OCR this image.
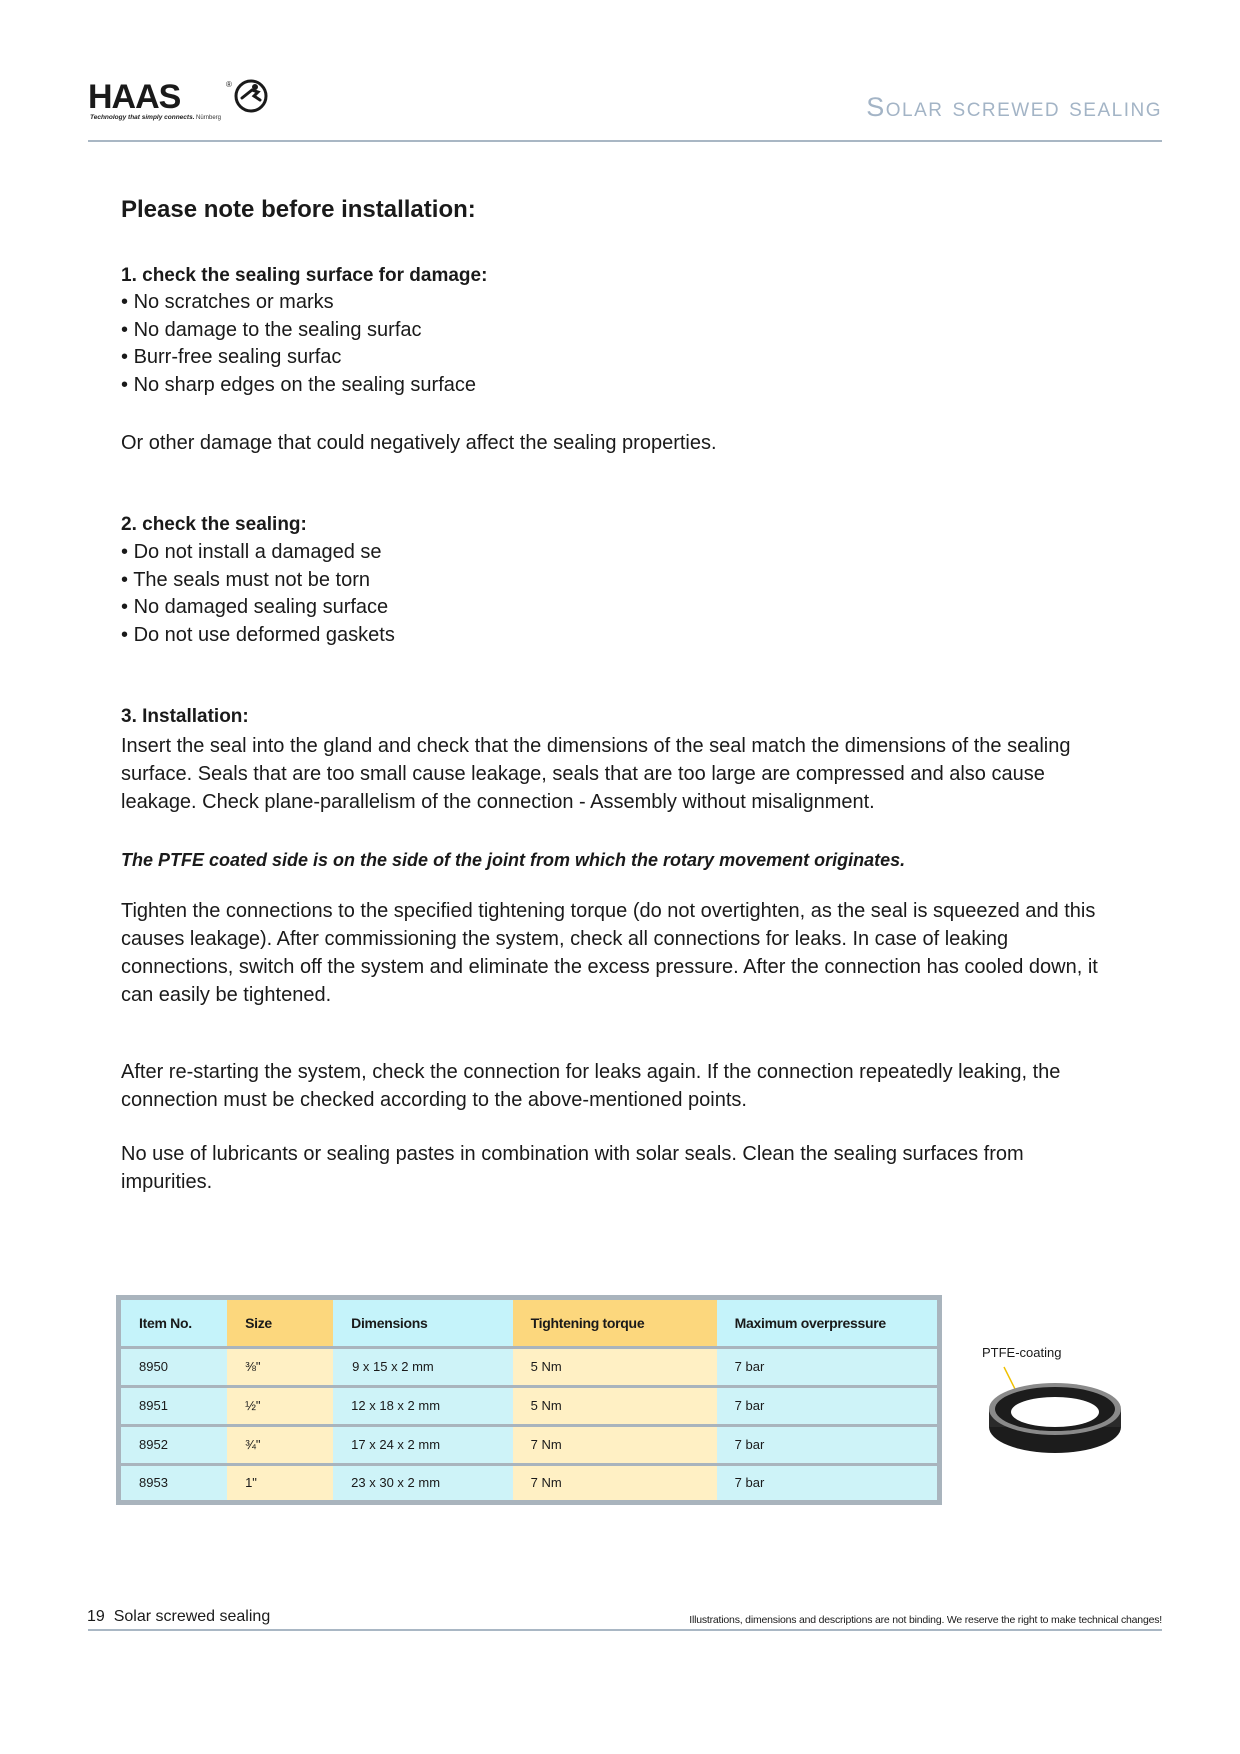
HAAS	®
Technology that simply connects. Nürnberg	Solar screwed sealing
Please note before installation:
1. check the sealing surface for damage:
• No scratches or marks
• No damage to the sealing surfac
• Burr-free sealing surfac
• No sharp edges on the sealing surface

Or other damage that could negatively affect the sealing properties.

2. check the sealing:
• Do not install a damaged se
• The seals must not be torn
• No damaged sealing surface
• Do not use deformed gaskets
3. Installation:

Insert the seal into the gland and check that the dimensions of the seal match the dimensions of the sealing surface. Seals that are too small cause leakage, seals that are too large are compressed and also cause leakage. Check plane-parallelism of the connection - Assembly without misalignment.

The PTFE coated side is on the side of the joint from which the rotary movement originates.

Tighten the connections to the specified tightening torque (do not overtighten, as the seal is squeezed and this causes leakage). After commissioning the system, check all connections for leaks. In case of leaking connections, switch off the system and eliminate the excess pressure. After the connection has cooled down, it can easily be tightened.

After re-starting the system, check the connection for leaks again. If the connection repeatedly leaking, the connection must be checked according to the above-mentioned points.

No use of lubricants or sealing pastes in combination with solar seals. Clean the sealing surfaces from impurities.

Item No.	Size	Dimensions	Tightening torque	Maximum overpressure
8950	⅜"	9 x 15 x 2 mm	5 Nm	7 bar
8951	½"	12 x 18 x 2 mm	5 Nm	7 bar
8952	¾"	17 x 24 x 2 mm	7 Nm	7 bar
8953	1"	23 x 30 x 2 mm	7 Nm	7 bar
PTFE-coating
19 Solar screwed sealing	Illustrations, dimensions and descriptions are not binding. We reserve the right to make technical changes!
